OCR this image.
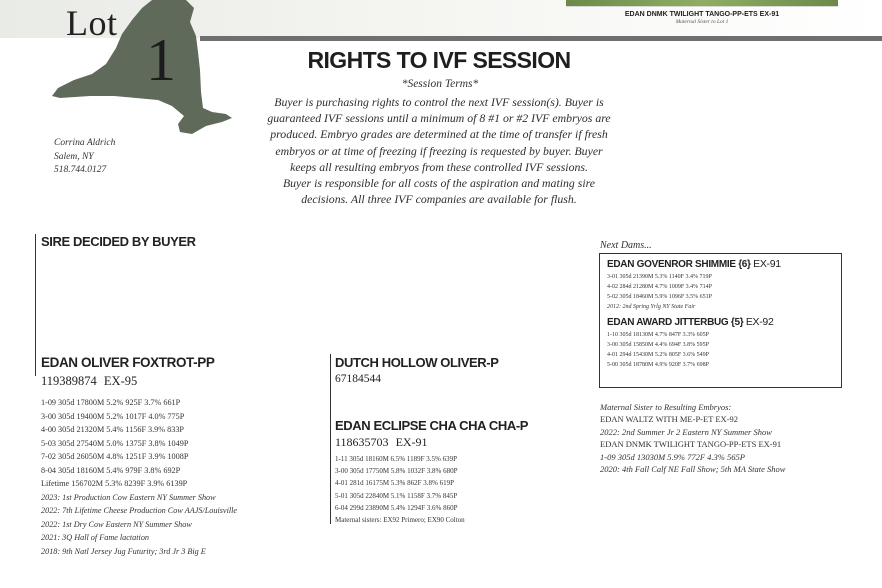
Lot
1
EDAN DNMK TWILIGHT TANGO-PP-ETS EX-91
Maternal Sister to Lot 1
Corrina Aldrich
Salem, NY
518.744.0127
RIGHTS TO IVF SESSION
*Session Terms*
Buyer is purchasing rights to control the next IVF session(s). Buyer is
guaranteed IVF sessions until a minimum of 8 #1 or #2 IVF embryos are
produced. Embryo grades are determined at the time of transfer if fresh
embryos or at time of freezing if freezing is requested by buyer. Buyer
keeps all resulting embryos from these controlled IVF sessions.
Buyer is responsible for all costs of the aspiration and mating sire
decisions. All three IVF companies are available for flush.
SIRE DECIDED BY BUYER
EDAN OLIVER FOXTROT-PP
119389874 EX-95
1-09 305d 17800M 5.2% 925F 3.7% 661P
3-00 305d 19400M 5.2% 1017F 4.0% 775P
4-00 305d 21320M 5.4% 1156F 3.9% 833P
5-03 305d 27540M 5.0% 1375F 3.8% 1049P
7-02 305d 26050M 4.8% 1251F 3.9% 1008P
8-04 305d 18160M 5.4% 979F 3.8% 692P
Lifetime 156702M 5.3% 8239F 3.9% 6139P
2023: 1st Production Cow Eastern NY Summer Show
2022: 7th Lifetime Cheese Production Cow AAJS/Louisville
2022: 1st Dry Cow Eastern NY Summer Show
2021: 3Q Hall of Fame lactation
2018: 9th Natl Jersey Jug Futurity; 3rd Jr 3 Big E
DUTCH HOLLOW OLIVER-P
67184544
EDAN ECLIPSE CHA CHA CHA-P
118635703 EX-91
1-11 305d 18160M 6.5% 1189F 3.5% 639P
3-00 305d 17750M 5.8% 1032F 3.8% 680P
4-01 281d 16175M 5.3% 862F 3.8% 619P
5-01 305d 22840M 5.1% 1158F 3.7% 845P
6-04 299d 23890M 5.4% 1294F 3.6% 860P
Maternal sisters: EX92 Primero; EX90 Colton
Next Dams...
EDAN GOVENROR SHIMMIE {6} EX-91
3-01 305d 21390M 5.3% 1140F 3.4% 719P
4-02 284d 21280M 4.7% 1009F 3.4% 714P
5-02 305d 18460M 5.9% 1096F 3.5% 651P
2012: 2nd Spring Yrlg NY State Fair
EDAN AWARD JITTERBUG {5} EX-92
1-10 305d 18130M 4.7% 847F 3.3% 605P
3-00 305d 15850M 4.4% 694F 3.8% 595P
4-01 294d 15430M 5.2% 805F 3.6% 549P
5-00 305d 18780M 4.9% 920F 3.7% 698P
Maternal Sister to Resulting Embryos:
EDAN WALTZ WITH ME-P-ET EX-92
2022: 2nd Summer Jr 2 Eastern NY Summer Show
EDAN DNMK TWILIGHT TANGO-PP-ETS EX-91
1-09 305d 13030M 5.9% 772F 4.3% 565P
2020: 4th Fall Calf NE Fall Show; 5th MA State Show
